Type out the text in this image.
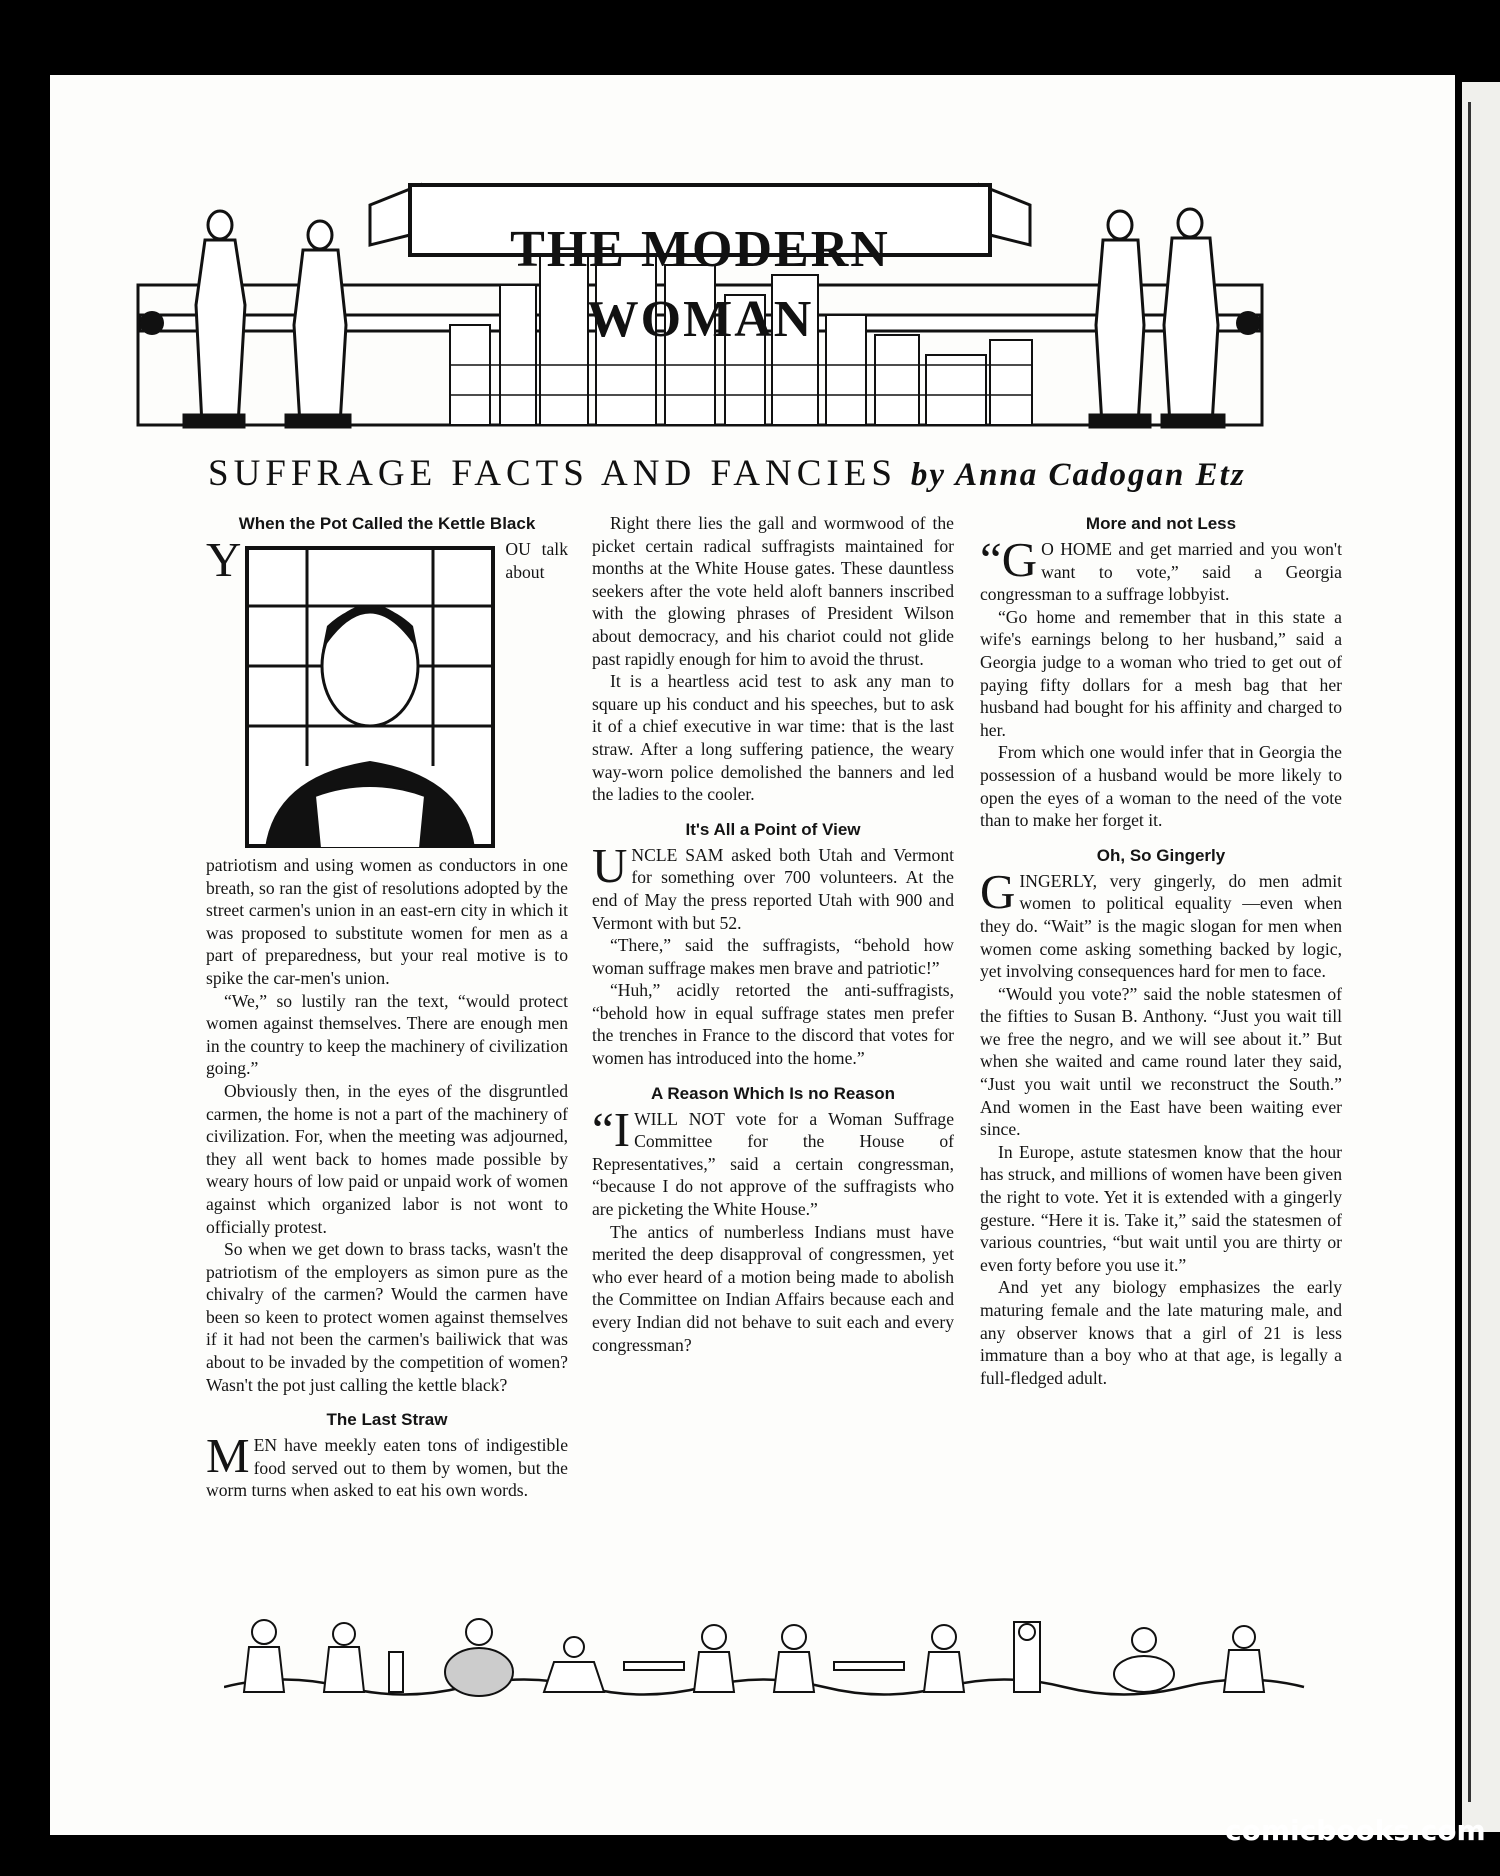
THE MODERN WOMAN
SUFFRAGE FACTS AND FANCIES by Anna Cadogan Etz
When the Pot Called the Kettle Black

Y	OU talk about patriotism and using women as conductors in one breath, so ran the gist of resolutions adopted by the street carmen's union in an east-ern city in which it was proposed to substitute women for men as a part of preparedness, but your real motive is to spike the car-men's union.

“We,” so lustily ran the text, “would protect women against themselves. There are enough men in the country to keep the machinery of civilization going.”

Obviously then, in the eyes of the disgruntled carmen, the home is not a part of the machinery of civilization. For, when the meeting was adjourned, they all went back to homes made possible by weary hours of low paid or unpaid work of women against which organized labor is not wont to officially protest.

So when we get down to brass tacks, wasn't the patriotism of the employers as simon pure as the chivalry of the carmen? Would the carmen have been so keen to protect women against themselves if it had not been the carmen's bailiwick that was about to be invaded by the competition of women? Wasn't the pot just calling the kettle black?

The Last Straw

MEN have meekly eaten tons of indigestible food served out to them by women, but the worm turns when asked to eat his own words.

Right there lies the gall and wormwood of the picket certain radical suffragists maintained for months at the White House gates. These dauntless seekers after the vote held aloft banners inscribed with the glowing phrases of President Wilson about democracy, and his chariot could not glide past rapidly enough for him to avoid the thrust.

It is a heartless acid test to ask any man to square up his conduct and his speeches, but to ask it of a chief executive in war time: that is the last straw. After a long suffering patience, the weary way-worn police demolished the banners and led the ladies to the cooler.

It's All a Point of View

UNCLE SAM asked both Utah and Vermont for something over 700 volunteers. At the end of May the press reported Utah with 900 and Vermont with but 52.

“There,” said the suffragists, “behold how woman suffrage makes men brave and patriotic!”

“Huh,” acidly retorted the anti-suffragists, “behold how in equal suffrage states men prefer the trenches in France to the discord that votes for women has introduced into the home.”

A Reason Which Is no Reason

“IWILL NOT vote for a Woman Suffrage Committee for the House of Representatives,” said a certain congressman, “because I do not approve of the suffragists who are picketing the White House.”

The antics of numberless Indians must have merited the deep disapproval of congressmen, yet who ever heard of a motion being made to abolish the Committee on Indian Affairs because each and every Indian did not behave to suit each and every congressman?

More and not Less

“G O HOME and get married and you won't want to vote,” said a Georgia congressman to a suffrage lobbyist.

“Go home and remember that in this state a wife's earnings belong to her husband,” said a Georgia judge to a woman who tried to get out of paying fifty dollars for a mesh bag that her husband had bought for his affinity and charged to her.

From which one would infer that in Georgia the possession of a husband would be more likely to open the eyes of a woman to the need of the vote than to make her forget it.

Oh, So Gingerly

GINGERLY, very gingerly, do men admit women to political equality —even when they do. “Wait” is the magic slogan for men when women come asking something backed by logic, yet involving consequences hard for men to face.

“Would you vote?” said the noble statesmen of the fifties to Susan B. Anthony. “Just you wait till we free the negro, and we will see about it.” But when she waited and came round later they said, “Just you wait until we reconstruct the South.” And women in the East have been waiting ever since.

In Europe, astute statesmen know that the hour has struck, and millions of women have been given the right to vote. Yet it is extended with a gingerly gesture. “Here it is. Take it,” said the statesmen of various countries, “but wait until you are thirty or even forty before you use it.”

And yet any biology emphasizes the early maturing female and the late maturing male, and any observer knows that a girl of 21 is less immature than a boy who at that age, is legally a full-fledged adult.

comicbooks.com
